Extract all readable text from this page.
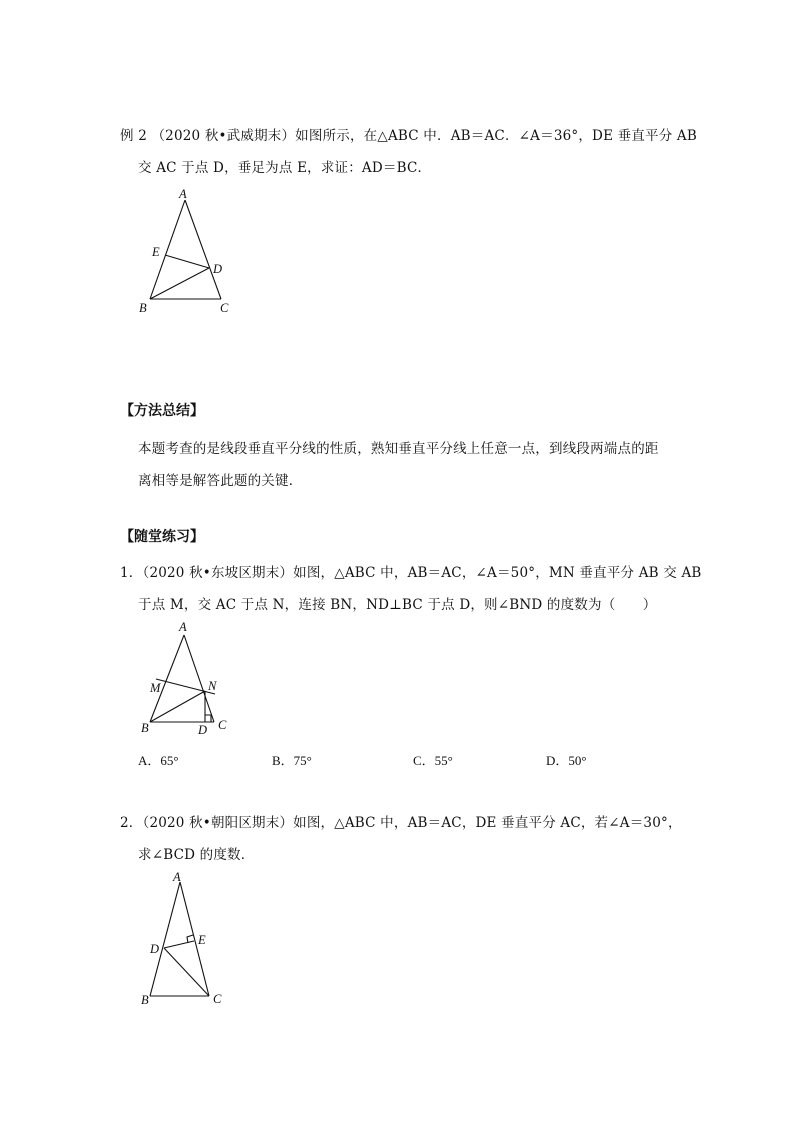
例 2 （2020 秋•武威期末）如图所示，在△ABC 中．AB＝AC．∠A＝36°，DE 垂直平分 AB
交 AC 于点 D，垂足为点 E，求证：AD＝BC．
A
E
D
B	C
【方法总结】
本题考查的是线段垂直平分线的性质，熟知垂直平分线上任意一点，到线段两端点的距
离相等是解答此题的关键．
【随堂练习】
1．（2020 秋•东坡区期末）如图，△ABC 中，AB＝AC，∠A＝50°，MN 垂直平分 AB 交 AB
于点 M，交 AC 于点 N，连接 BN，ND⊥BC 于点 D，则∠BND 的度数为（　　）
A
M	N
B	D C
A．65°	B．75°	C．55°	D．50°
2．（2020 秋•朝阳区期末）如图，△ABC 中，AB＝AC，DE 垂直平分 AC，若∠A＝30°，
求∠BCD 的度数．
A
E
D
B	C
